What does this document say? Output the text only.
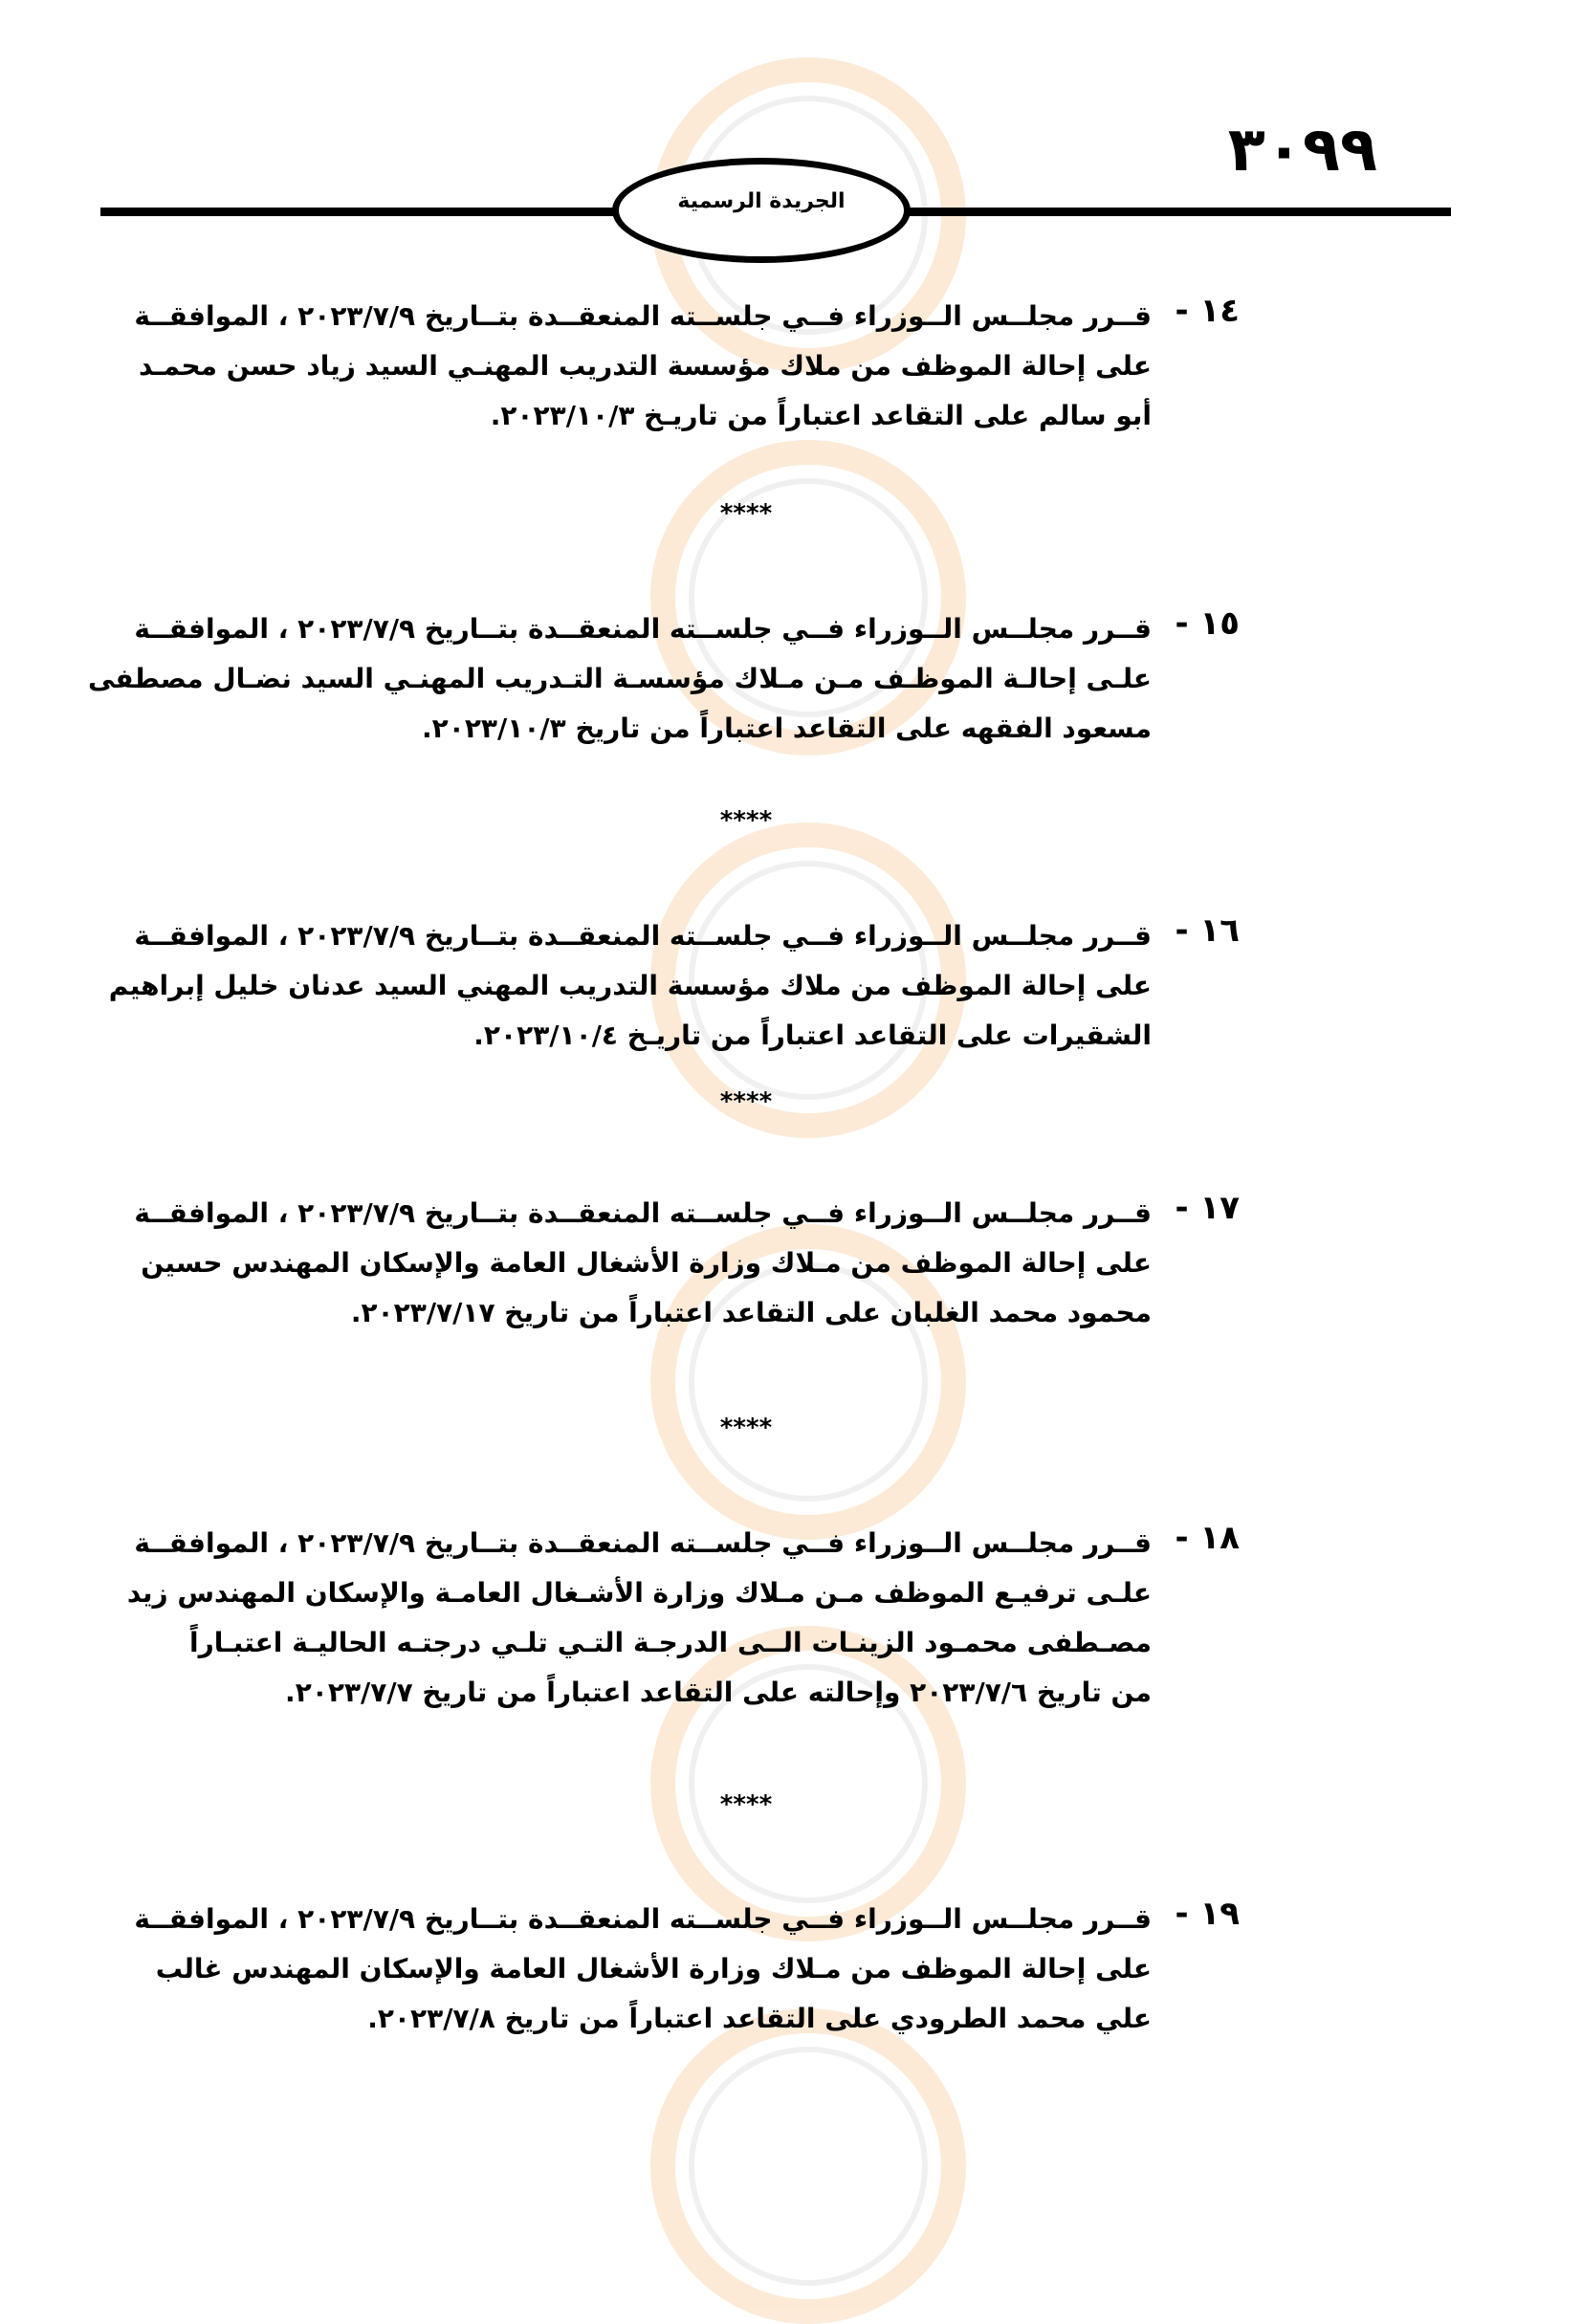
٣٠٩٩
الجريدة الرسمية
١٤ -
قــرر مجلــس الــوزراء فــي جلســته المنعقــدة بتــاريخ ٢٠٢٣/٧/٩ ، الموافقــة
على إحالة الموظف من ملاك مؤسسة التدريب المهنـي السيد زياد حسن محمـد
أبو سالم على التقاعد اعتباراً من تاريـخ ٢٠٢٣/١٠/٣.
****
١٥ -
قــرر مجلــس الــوزراء فــي جلســته المنعقــدة بتــاريخ ٢٠٢٣/٧/٩ ، الموافقــة
علـى إحالـة الموظـف مـن مـلاك مؤسسـة التـدريب المهنـي السيد نضـال مصطفى
مسعود الفقهه على التقاعد اعتباراً من تاريخ ٢٠٢٣/١٠/٣.
****
١٦ -
قــرر مجلــس الــوزراء فــي جلســته المنعقــدة بتــاريخ ٢٠٢٣/٧/٩ ، الموافقــة
على إحالة الموظف من ملاك مؤسسة التدريب المهني السيد عدنان خليل إبراهيم
الشقيرات على التقاعد اعتباراً من تاريـخ ٢٠٢٣/١٠/٤.
****
١٧ -
قــرر مجلــس الــوزراء فــي جلســته المنعقــدة بتــاريخ ٢٠٢٣/٧/٩ ، الموافقــة
على إحالة الموظف من مـلاك وزارة الأشغال العامة والإسكان المهندس حسين
محمود محمد الغلبان على التقاعد اعتباراً من تاريخ ٢٠٢٣/٧/١٧.
****
١٨ -
قــرر مجلــس الــوزراء فــي جلســته المنعقــدة بتــاريخ ٢٠٢٣/٧/٩ ، الموافقــة
علـى ترفيـع الموظف مـن مـلاك وزارة الأشـغال العامـة والإسكان المهندس زيد
مصـطفى محمـود الزينـات الــى الدرجـة التـي تلـي درجتـه الحاليـة اعتبـاراً
من تاريخ ٢٠٢٣/٧/٦ وإحالته على التقاعد اعتباراً من تاريخ ٢٠٢٣/٧/٧.
****
١٩ -
قــرر مجلــس الــوزراء فــي جلســته المنعقــدة بتــاريخ ٢٠٢٣/٧/٩ ، الموافقــة
على إحالة الموظف من مـلاك وزارة الأشغال العامة والإسكان المهندس غالب
علي محمد الطرودي على التقاعد اعتباراً من تاريخ ٢٠٢٣/٧/٨.
